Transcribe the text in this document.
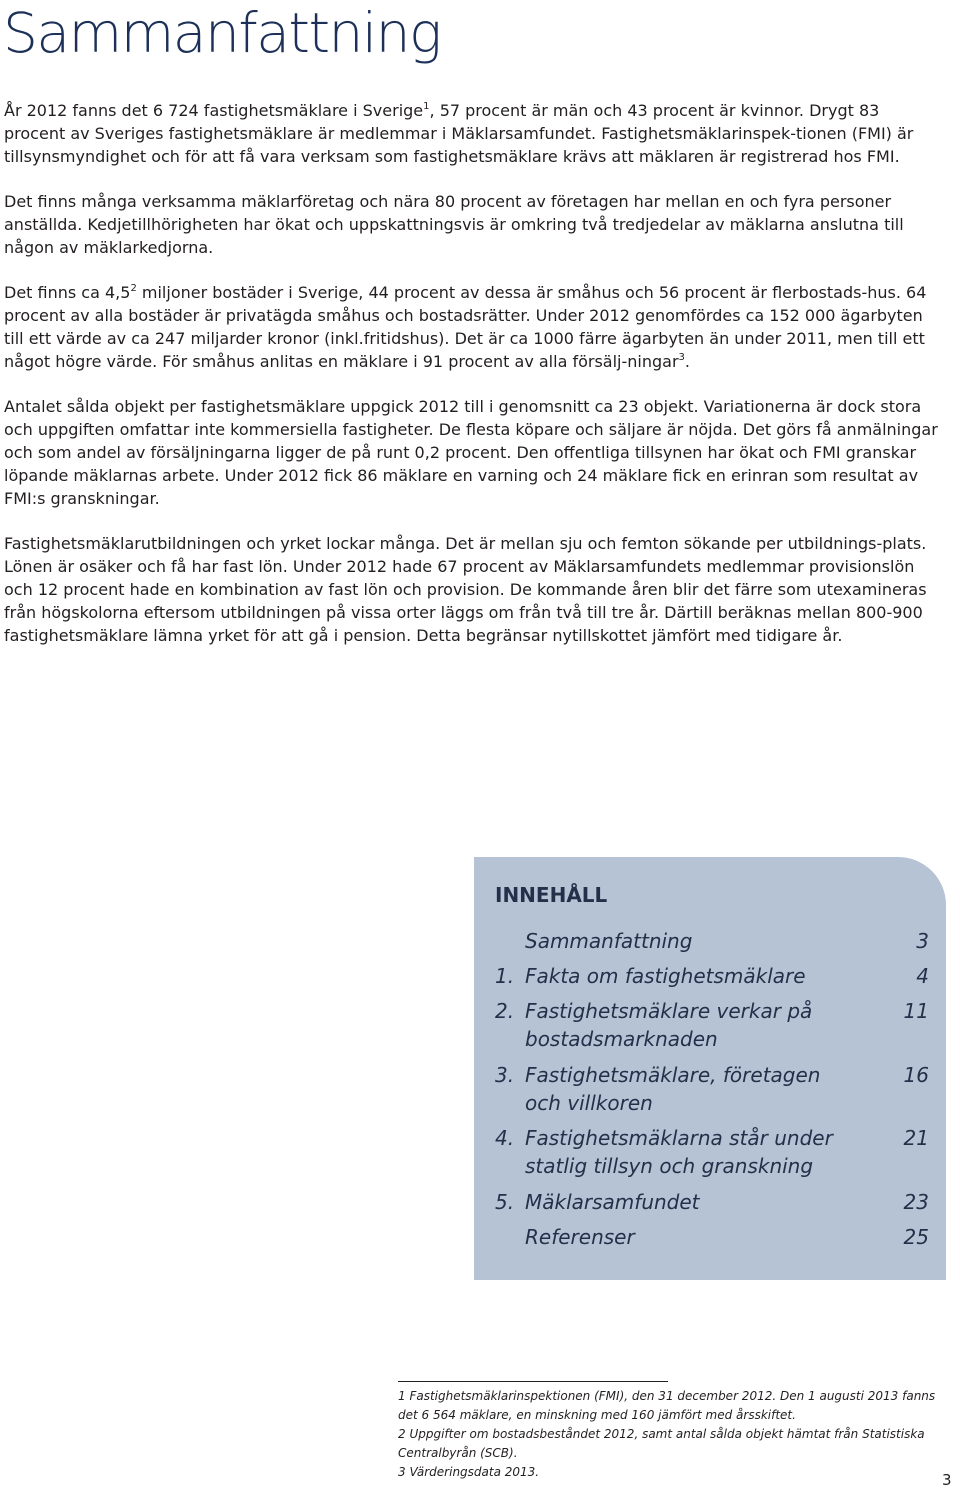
Sammanfattning

År 2012 fanns det 6 724 fastighetsmäklare i Sverige$^1$, 57 procent är män och 43 procent är kvinnor. Drygt 83 procent av Sveriges fastighetsmäklare är medlemmar i Mäklarsamfundet. Fastighetsmäklarinspek-tionen (FMI) är tillsynsmyndighet och för att få vara verksam som fastighetsmäklare krävs att mäklaren är registrerad hos FMI.

Det finns många verksamma mäklarföretag och nära 80 procent av företagen har mellan en och fyra personer anställda. Kedjetillhörigheten har ökat och uppskattningsvis är omkring två tredjedelar av mäklarna anslutna till någon av mäklarkedjorna.

Det finns ca $4,5^2$ miljoner bostäder i Sverige, 44 procent av dessa är småhus och 56 procent är flerbostads-hus. 64 procent av alla bostäder är privatägda småhus och bostadsrätter. Under 2012 genomfördes ca 152 000 ägarbyten till ett värde av ca 247 miljarder kronor (inkl.fritidshus). Det är ca 1000 färre ägarbyten än under 2011, men till ett något högre värde. För småhus anlitas en mäklare i 91 procent av alla försälj-ningar$^3$.

Antalet sålda objekt per fastighetsmäklare uppgick 2012 till i genomsnitt ca 23 objekt. Variationerna är dock stora och uppgiften omfattar inte kommersiella fastigheter. De flesta köpare och säljare är nöjda. Det görs få anmälningar och som andel av försäljningarna ligger de på runt 0,2 procent. Den offentliga tillsynen har ökat och FMI granskar löpande mäklarnas arbete. Under 2012 fick 86 mäklare en varning och 24 mäklare fick en erinran som resultat av FMI:s granskningar.

Fastighetsmäklarutbildningen och yrket lockar många. Det är mellan sju och femton sökande per utbildnings-plats. Lönen är osäker och få har fast lön. Under 2012 hade 67 procent av Mäklarsamfundets medlemmar provisionslön och 12 procent hade en kombination av fast lön och provision. De kommande åren blir det färre som utexamineras från högskolorna eftersom utbildningen på vissa orter läggs om från två till tre år. Därtill beräknas mellan 800-900 fastighetsmäklare lämna yrket för att gå i pension. Detta begränsar nytillskottet jämfört med tidigare år.

INNEHÅLL
Sammanfattning	3
1. Fakta om fastighetsmäklare	4
2. Fastighetsmäklare verkar på bostadsmarknaden
11
3. Fastighetsmäklare, företagen och villkoren
16
4. Fastighetsmäklarna står under statlig tillsyn och granskning
21
5. Mäklarsamfundet	23
Referenser	25
1 Fastighetsmäklarinspektionen (FMI), den 31 december 2012. Den 1 augusti 2013 fanns det 6 564 mäklare, en minskning med 160 jämfört med årsskiftet.
2 Uppgifter om bostadsbeståndet 2012, samt antal sålda objekt hämtat från Statistiska Centralbyrån (SCB).
3 Värderingsdata 2013.	3
